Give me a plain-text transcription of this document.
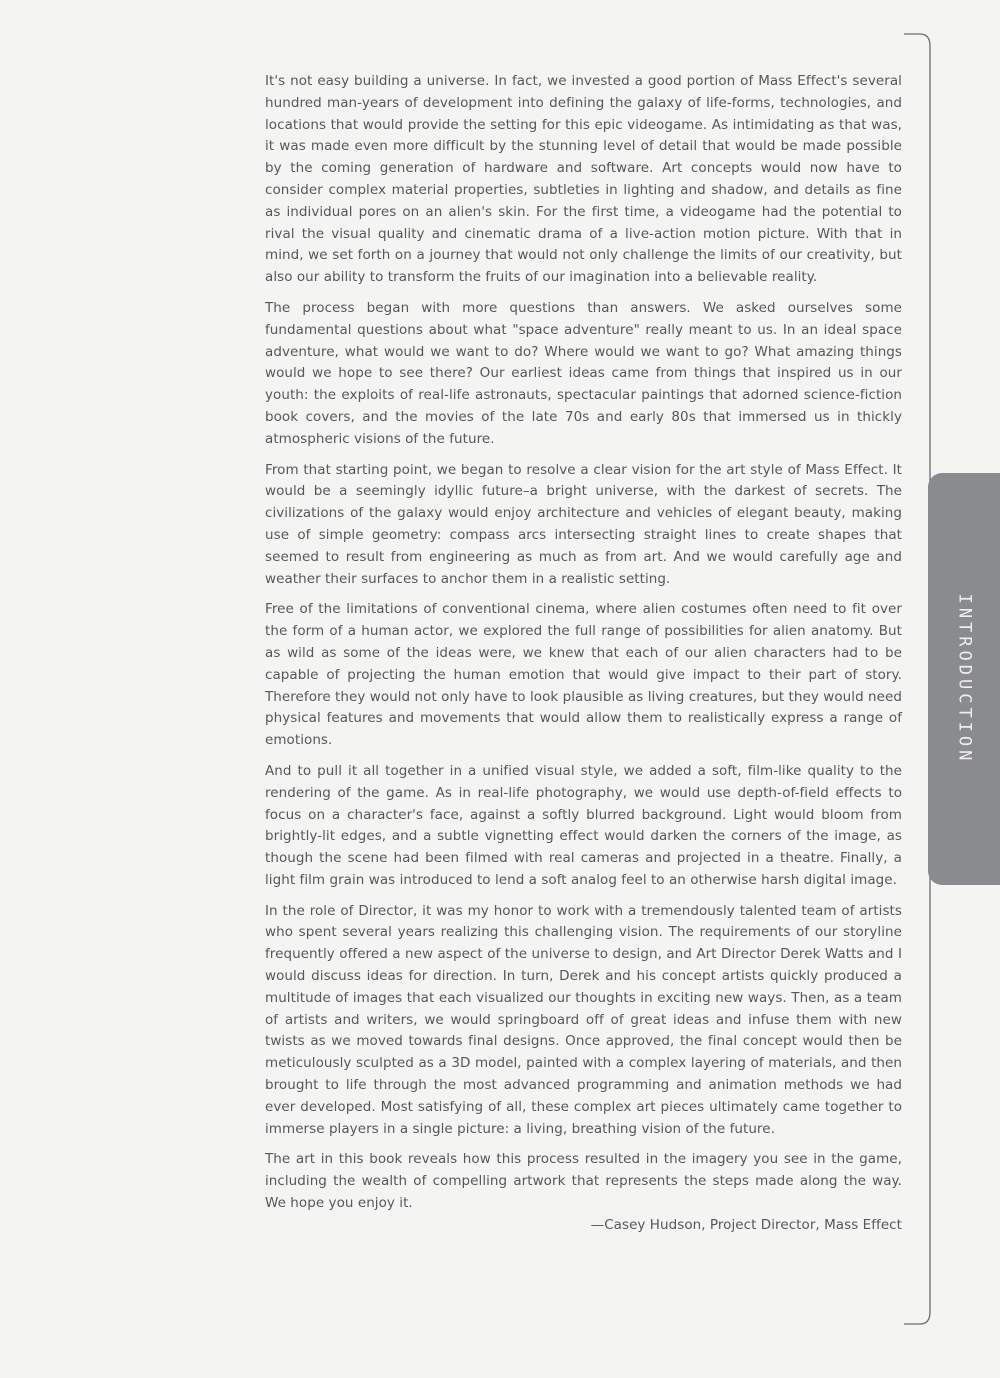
INTRODUCTION

It's not easy building a universe. In fact, we invested a good portion of Mass Effect's several hundred man-years of development into defining the galaxy of life-forms, technologies, and locations that would provide the setting for this epic videogame. As intimidating as that was, it was made even more difficult by the stunning level of detail that would be made possible by the coming generation of hardware and software. Art concepts would now have to consider complex material properties, subtleties in lighting and shadow, and details as fine as individual pores on an alien's skin. For the first time, a videogame had the potential to rival the visual quality and cinematic drama of a live-action motion picture. With that in mind, we set forth on a journey that would not only challenge the limits of our creativity, but also our ability to transform the fruits of our imagination into a believable reality.

The process began with more questions than answers. We asked ourselves some fundamental questions about what "space adventure" really meant to us. In an ideal space adventure, what would we want to do? Where would we want to go? What amazing things would we hope to see there? Our earliest ideas came from things that inspired us in our youth: the exploits of real-life astronauts, spectacular paintings that adorned science-fiction book covers, and the movies of the late 70s and early 80s that immersed us in thickly atmospheric visions of the future.

From that starting point, we began to resolve a clear vision for the art style of Mass Effect. It would be a seemingly idyllic future–a bright universe, with the darkest of secrets. The civilizations of the galaxy would enjoy architecture and vehicles of elegant beauty, making use of simple geometry: compass arcs intersecting straight lines to create shapes that seemed to result from engineering as much as from art. And we would carefully age and weather their surfaces to anchor them in a realistic setting.

Free of the limitations of conventional cinema, where alien costumes often need to fit over the form of a human actor, we explored the full range of possibilities for alien anatomy. But as wild as some of the ideas were, we knew that each of our alien characters had to be capable of projecting the human emotion that would give impact to their part of story. Therefore they would not only have to look plausible as living creatures, but they would need physical features and movements that would allow them to realistically express a range of emotions.

And to pull it all together in a unified visual style, we added a soft, film-like quality to the rendering of the game. As in real-life photography, we would use depth-of-field effects to focus on a character's face, against a softly blurred background. Light would bloom from brightly-lit edges, and a subtle vignetting effect would darken the corners of the image, as though the scene had been filmed with real cameras and projected in a theatre. Finally, a light film grain was introduced to lend a soft analog feel to an otherwise harsh digital image.

In the role of Director, it was my honor to work with a tremendously talented team of artists who spent several years realizing this challenging vision. The requirements of our storyline frequently offered a new aspect of the universe to design, and Art Director Derek Watts and I would discuss ideas for direction. In turn, Derek and his concept artists quickly produced a multitude of images that each visualized our thoughts in exciting new ways. Then, as a team of artists and writers, we would springboard off of great ideas and infuse them with new twists as we moved towards final designs. Once approved, the final concept would then be meticulously sculpted as a 3D model, painted with a complex layering of materials, and then brought to life through the most advanced programming and animation methods we had ever developed. Most satisfying of all, these complex art pieces ultimately came together to immerse players in a single picture: a living, breathing vision of the future.

The art in this book reveals how this process resulted in the imagery you see in the game, including the wealth of compelling artwork that represents the steps made along the way. We hope you enjoy it.

—Casey Hudson, Project Director, Mass Effect
